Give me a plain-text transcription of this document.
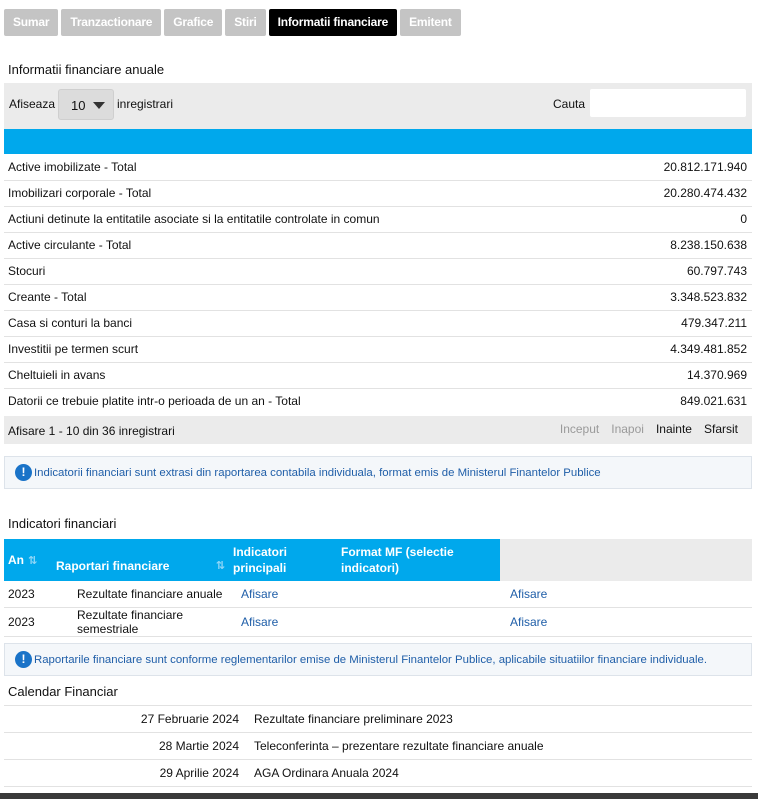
Sumar	Tranzactionare	Grafice	Stiri	Informatii financiare	Emitent
Informatii financiare anuale
Afiseaza 10	inregistrari	Cauta
Active imobilizate - Total	20.812.171.940
Imobilizari corporale - Total	20.280.474.432
Actiuni detinute la entitatile asociate si la entitatile controlate in comun	0
Active circulante - Total	8.238.150.638
Stocuri	60.797.743
Creante - Total	3.348.523.832
Casa si conturi la banci	479.347.211
Investitii pe termen scurt	4.349.481.852
Cheltuieli in avans	14.370.969
Datorii ce trebuie platite intr-o perioada de un an - Total	849.021.631
Afisare 1 - 10 din 36 inregistrari	Inceput	Inapoi	Inainte	Sfarsit
! Indicatorii financiari sunt extrasi din raportarea contabila individuala, format emis de Ministerul Finantelor Publice
Indicatori financiari
An ⇅	Raportari financiare ⇅	Indicatori principali	Format MF (selectie indicatori)	
2023	Rezultate financiare anuale	Afisare		Afisare
2023	Rezultate financiare semestriale	Afisare		Afisare
! Raportarile financiare sunt conforme reglementarilor emise de Ministerul Finantelor Publice, aplicabile situatiilor financiare individuale.
Calendar Financiar
27 Februarie 2024	Rezultate financiare preliminare 2023
28 Martie 2024	Teleconferinta – prezentare rezultate financiare anuale
29 Aprilie 2024	AGA Ordinara Anuala 2024
